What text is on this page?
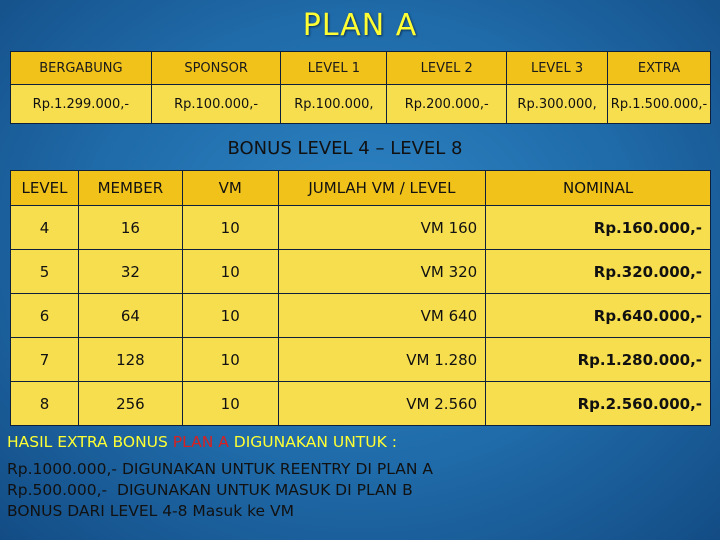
PLAN A
BERGABUNG	SPONSOR	LEVEL 1	LEVEL 2	LEVEL 3	EXTRA
Rp.1.299.000,-	Rp.100.000,-	Rp.100.000,	Rp.200.000,-	Rp.300.000,	Rp.1.500.000,-
BONUS LEVEL 4 – LEVEL 8
LEVEL	MEMBER	VM	JUMLAH VM / LEVEL	NOMINAL
4	16	10	VM 160	Rp.160.000,-
5	32	10	VM 320	Rp.320.000,-
6	64	10	VM 640	Rp.640.000,-
7	128	10	VM 1.280	Rp.1.280.000,-
8	256	10	VM 2.560	Rp.2.560.000,-
HASIL EXTRA BONUS PLAN A DIGUNAKAN UNTUK :
Rp.1000.000,- DIGUNAKAN UNTUK REENTRY DI PLAN A
Rp.500.000,-  DIGUNAKAN UNTUK MASUK DI PLAN B
BONUS DARI LEVEL 4-8 Masuk ke VM
